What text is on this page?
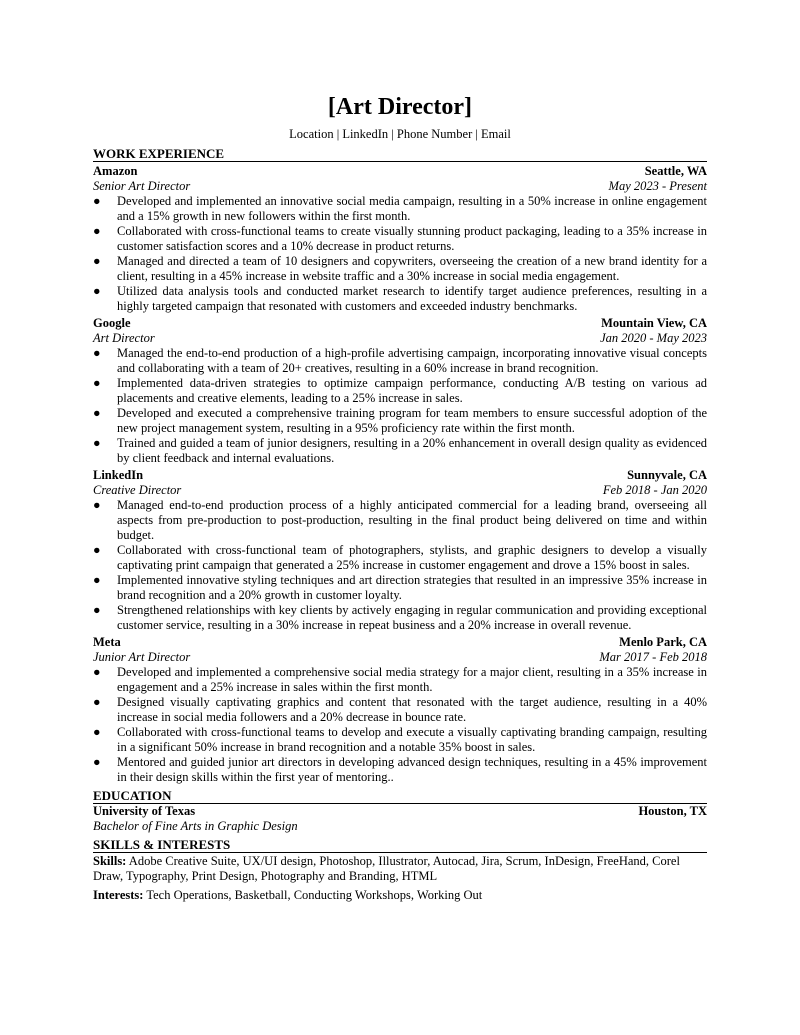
[Art Director]
Location | LinkedIn | Phone Number | Email
WORK EXPERIENCE
Amazon	Seattle, WA
Senior Art Director	May 2023 - Present
● Developed and implemented an innovative social media campaign, resulting in a 50% increase in online engagement and a 15% growth in new followers within the first month.
● Collaborated with cross-functional teams to create visually stunning product packaging, leading to a 35% increase in customer satisfaction scores and a 10% decrease in product returns.
● Managed and directed a team of 10 designers and copywriters, overseeing the creation of a new brand identity for a client, resulting in a 45% increase in website traffic and a 30% increase in social media engagement.
● Utilized data analysis tools and conducted market research to identify target audience preferences, resulting in a highly targeted campaign that resonated with customers and exceeded industry benchmarks.
Google	Mountain View, CA
Art Director	Jan 2020 - May 2023
● Managed the end-to-end production of a high-profile advertising campaign, incorporating innovative visual concepts and collaborating with a team of 20+ creatives, resulting in a 60% increase in brand recognition.
● Implemented data-driven strategies to optimize campaign performance, conducting A/B testing on various ad placements and creative elements, leading to a 25% increase in sales.
● Developed and executed a comprehensive training program for team members to ensure successful adoption of the new project management system, resulting in a 95% proficiency rate within the first month.
● Trained and guided a team of junior designers, resulting in a 20% enhancement in overall design quality as evidenced by client feedback and internal evaluations.
LinkedIn	Sunnyvale, CA
Creative Director	Feb 2018 - Jan 2020
● Managed end-to-end production process of a highly anticipated commercial for a leading brand, overseeing all aspects from pre-production to post-production, resulting in the final product being delivered on time and within budget.
● Collaborated with cross-functional team of photographers, stylists, and graphic designers to develop a visually captivating print campaign that generated a 25% increase in customer engagement and drove a 15% boost in sales.
● Implemented innovative styling techniques and art direction strategies that resulted in an impressive 35% increase in brand recognition and a 20% growth in customer loyalty.
● Strengthened relationships with key clients by actively engaging in regular communication and providing exceptional customer service, resulting in a 30% increase in repeat business and a 20% increase in overall revenue.
Meta	Menlo Park, CA
Junior Art Director	Mar 2017 - Feb 2018
● Developed and implemented a comprehensive social media strategy for a major client, resulting in a 35% increase in engagement and a 25% increase in sales within the first month.
● Designed visually captivating graphics and content that resonated with the target audience, resulting in a 40% increase in social media followers and a 20% decrease in bounce rate.
● Collaborated with cross-functional teams to develop and execute a visually captivating branding campaign, resulting in a significant 50% increase in brand recognition and a notable 35% boost in sales.
● Mentored and guided junior art directors in developing advanced design techniques, resulting in a 45% improvement in their design skills within the first year of mentoring..
EDUCATION
University of Texas	Houston, TX
Bachelor of Fine Arts in Graphic Design
SKILLS & INTERESTS
Skills: Adobe Creative Suite, UX/UI design, Photoshop, Illustrator, Autocad, Jira, Scrum, InDesign, FreeHand, Corel Draw, Typography, Print Design, Photography and Branding, HTML
Interests: Tech Operations, Basketball, Conducting Workshops, Working Out
